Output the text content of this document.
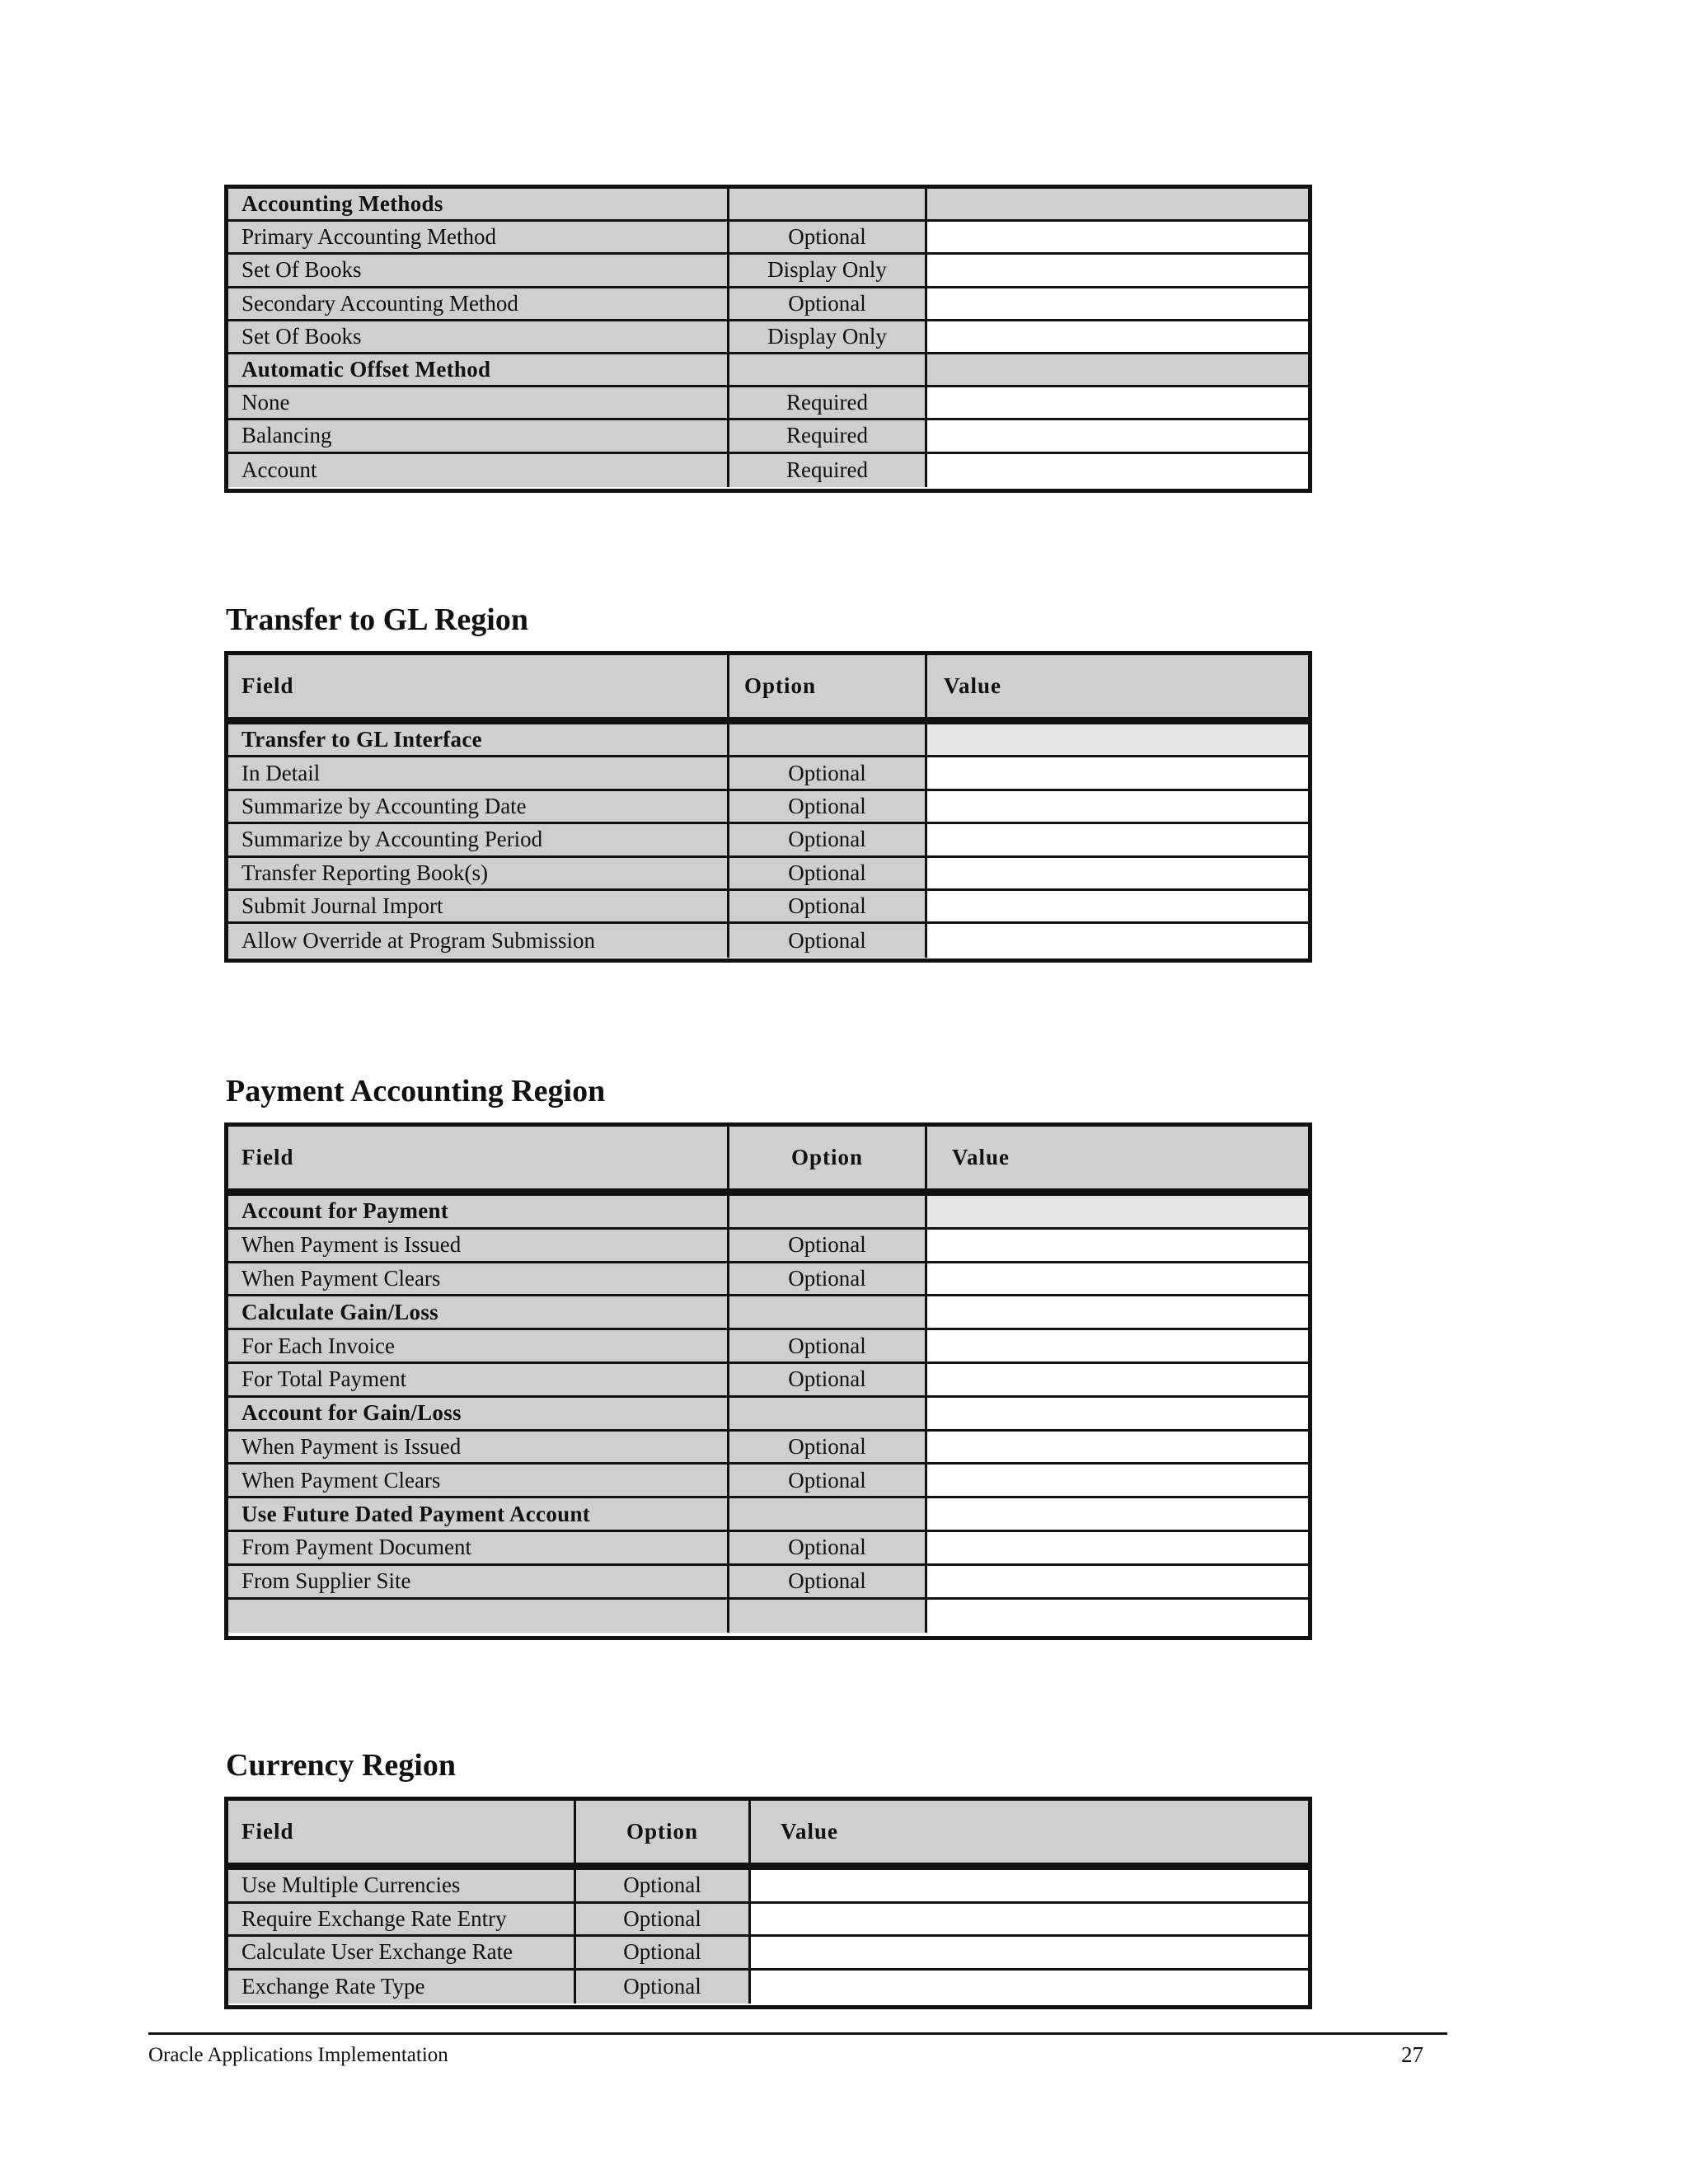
Accounting Methods
Primary Accounting Method	Optional
Set Of Books	Display Only
Secondary Accounting Method	Optional
Set Of Books	Display Only
Automatic Offset Method
None	Required
Balancing	Required
Account	Required
Transfer to GL Region
Field	Option	Value
Transfer to GL Interface
In Detail	Optional
Summarize by Accounting Date	Optional
Summarize by Accounting Period	Optional
Transfer Reporting Book(s)	Optional
Submit Journal Import	Optional
Allow Override at Program Submission	Optional
Payment Accounting Region
Field	Option	Value
Account for Payment
When Payment is Issued	Optional
When Payment Clears	Optional
Calculate Gain/Loss
For Each Invoice	Optional
For Total Payment	Optional
Account for Gain/Loss
When Payment is Issued	Optional
When Payment Clears	Optional
Use Future Dated Payment Account
From Payment Document	Optional
From Supplier Site	Optional
Currency Region
Field	Option	Value
Use Multiple Currencies	Optional
Require Exchange Rate Entry	Optional
Calculate User Exchange Rate	Optional
Exchange Rate Type	Optional
Oracle Applications Implementation	27
